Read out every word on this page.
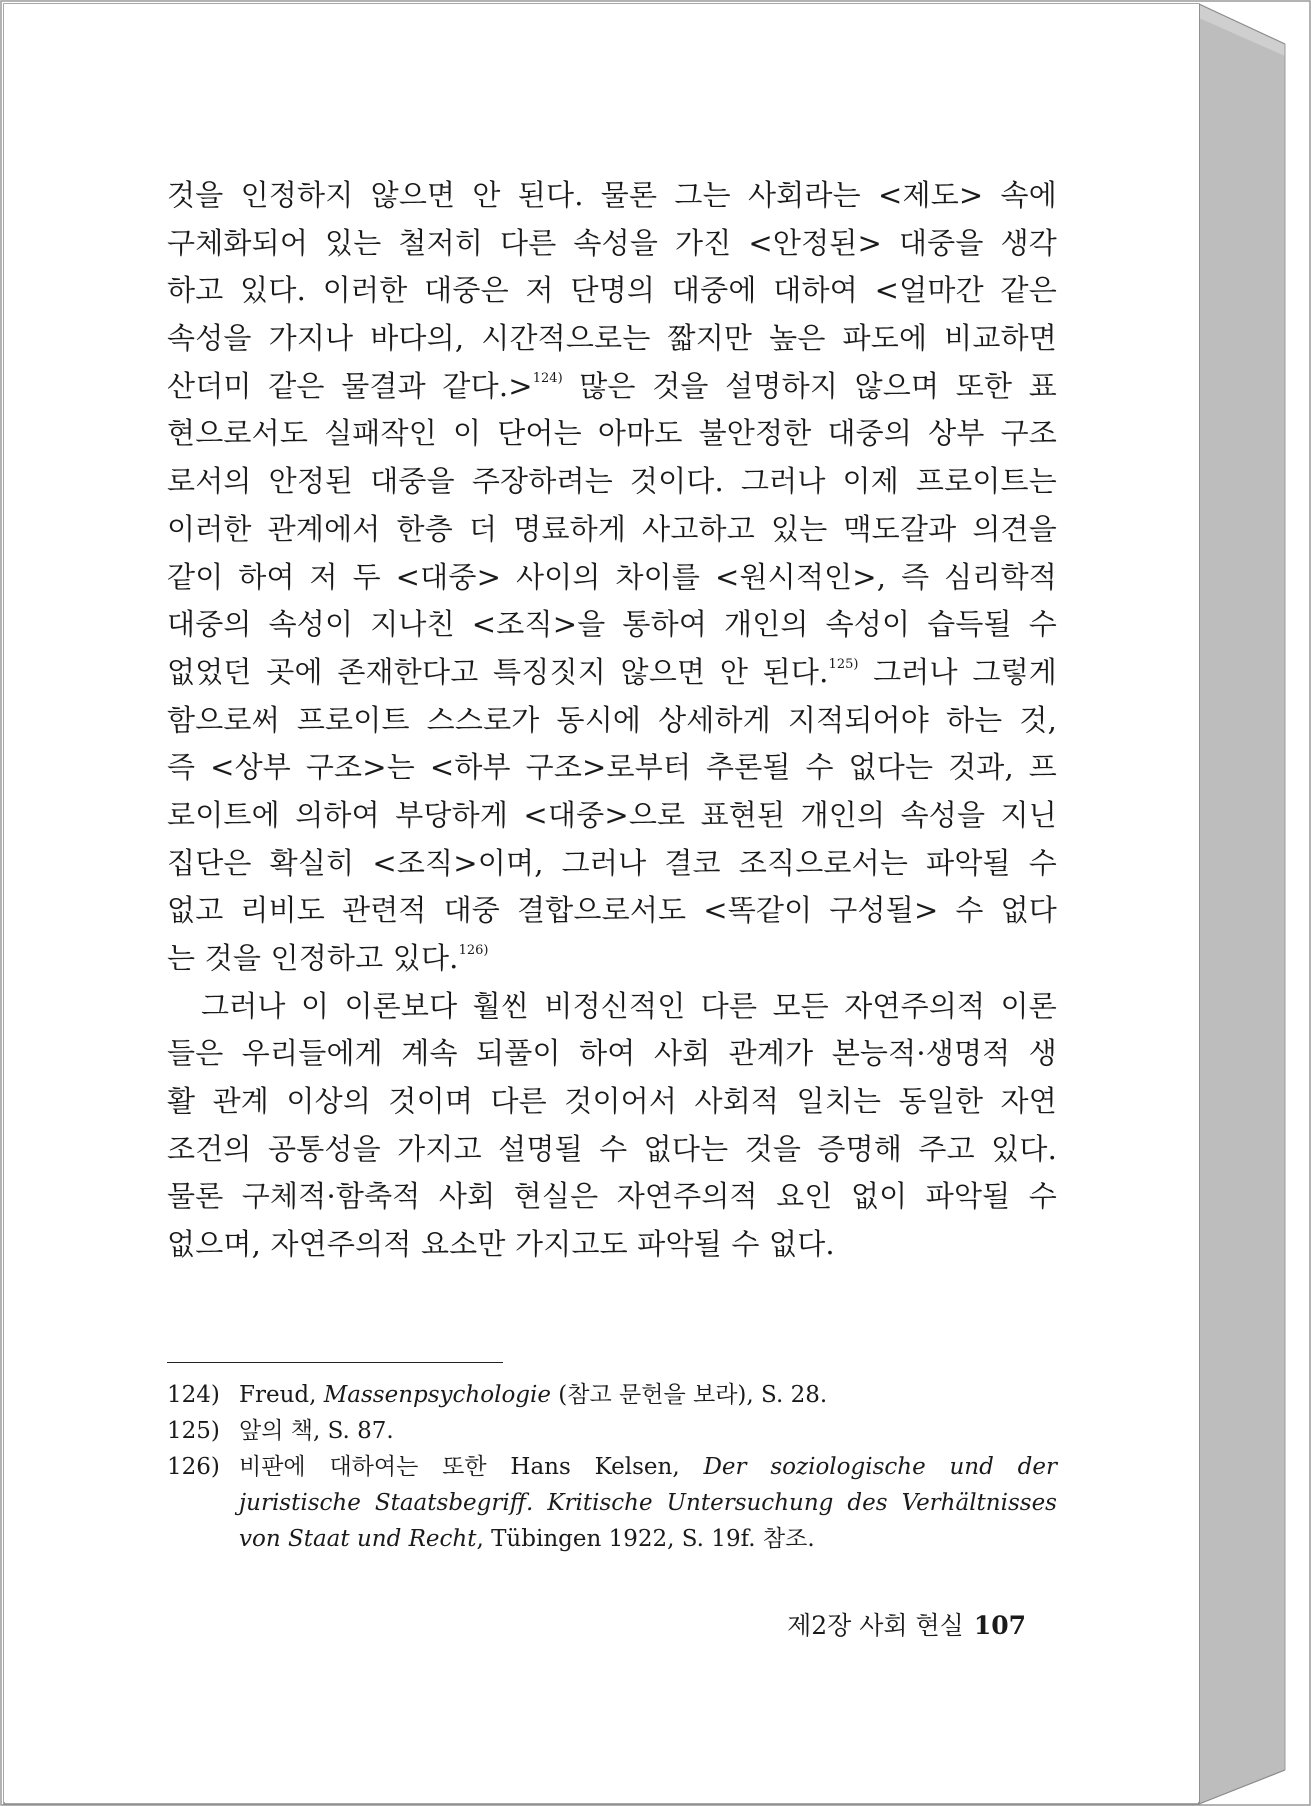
것을 인정하지 않으면 안 된다. 물론 그는 사회라는 <제도> 속에
구체화되어 있는 철저히 다른 속성을 가진 <안정된> 대중을 생각
하고 있다. 이러한 대중은 저 단명의 대중에 대하여 <얼마간 같은
속성을 가지나 바다의, 시간적으로는 짧지만 높은 파도에 비교하면
산더미 같은 물결과 같다.>$^{124)}$ 많은 것을 설명하지 않으며 또한 표
현으로서도 실패작인 이 단어는 아마도 불안정한 대중의 상부 구조
로서의 안정된 대중을 주장하려는 것이다. 그러나 이제 프로이트는
이러한 관계에서 한층 더 명료하게 사고하고 있는 맥도갈과 의견을
같이 하여 저 두 <대중> 사이의 차이를 <원시적인>, 즉 심리학적
대중의 속성이 지나친 <조직>을 통하여 개인의 속성이 습득될 수
없었던 곳에 존재한다고 특징짓지 않으면 안 된다.$^{125)}$ 그러나 그렇게
함으로써 프로이트 스스로가 동시에 상세하게 지적되어야 하는 것,
즉 <상부 구조>는 <하부 구조>로부터 추론될 수 없다는 것과, 프
로이트에 의하여 부당하게 <대중>으로 표현된 개인의 속성을 지닌
집단은 확실히 <조직>이며, 그러나 결코 조직으로서는 파악될 수
없고 리비도 관련적 대중 결합으로서도 <똑같이 구성될> 수 없다
는 것을 인정하고 있다.$^{126)}$
그러나 이 이론보다 훨씬 비정신적인 다른 모든 자연주의적 이론
들은 우리들에게 계속 되풀이 하여 사회 관계가 본능적·생명적 생
활 관계 이상의 것이며 다른 것이어서 사회적 일치는 동일한 자연
조건의 공통성을 가지고 설명될 수 없다는 것을 증명해 주고 있다.
물론 구체적·함축적 사회 현실은 자연주의적 요인 없이 파악될 수
없으며, 자연주의적 요소만 가지고도 파악될 수 없다.
124) Freud, Massenpsychologie (참고 문헌을 보라), S. 28.
125) 앞의 책, S. 87.
126) 비판에 대하여는 또한 Hans Kelsen, Der soziologische und der
juristische Staatsbegriff. Kritische Untersuchung des Verhältnisses
von Staat und Recht, Tübingen 1922, S. 19f. 참조.
제2장 사회 현실 107
